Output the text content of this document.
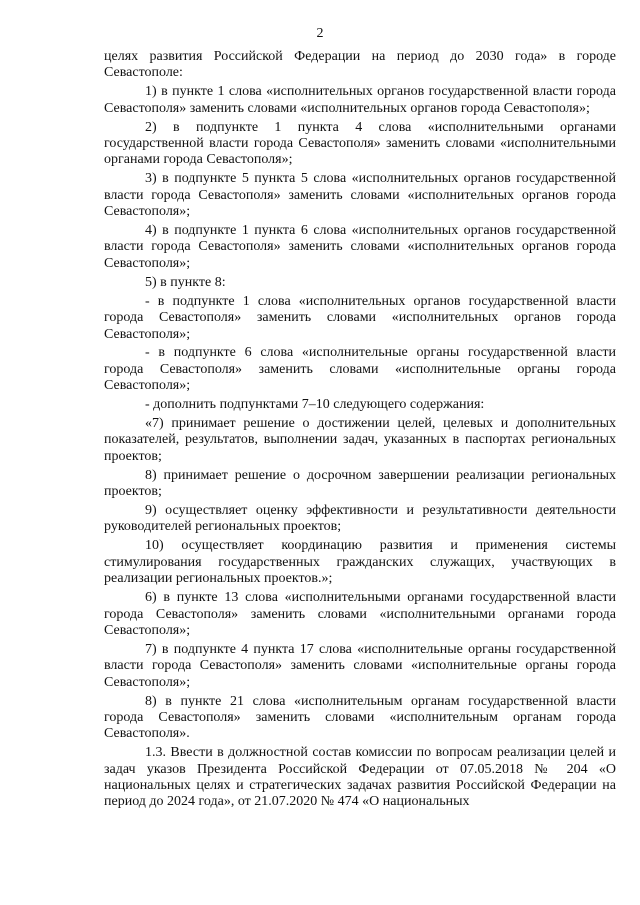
2

целях развития Российской Федерации на период до 2030 года» в городе Севастополе:

1) в пункте 1 слова «исполнительных органов государственной власти города Севастополя» заменить словами «исполнительных органов города Севастополя»;

2) в подпункте 1 пункта 4 слова «исполнительными органами государственной власти города Севастополя» заменить словами «исполнительными органами города Севастополя»;

3) в подпункте 5 пункта 5 слова «исполнительных органов государственной власти города Севастополя» заменить словами «исполнительных органов города Севастополя»;

4) в подпункте 1 пункта 6 слова «исполнительных органов государственной власти города Севастополя» заменить словами «исполнительных органов города Севастополя»;

5) в пункте 8:

- в подпункте 1 слова «исполнительных органов государственной власти города Севастополя» заменить словами «исполнительных органов города Севастополя»;

- в подпункте 6 слова «исполнительные органы государственной власти города Севастополя» заменить словами «исполнительные органы города Севастополя»;

- дополнить подпунктами 7–10 следующего содержания:

«7) принимает решение о достижении целей, целевых и дополнительных показателей, результатов, выполнении задач, указанных в паспортах региональных проектов;

8) принимает решение о досрочном завершении реализации региональных проектов;

9) осуществляет оценку эффективности и результативности деятельности руководителей региональных проектов;

10) осуществляет координацию развития и применения системы стимулирования государственных гражданских служащих, участвующих в реализации региональных проектов.»;

6) в пункте 13 слова «исполнительными органами государственной власти города Севастополя» заменить словами «исполнительными органами города Севастополя»;

7) в подпункте 4 пункта 17 слова «исполнительные органы государственной власти города Севастополя» заменить словами «исполнительные органы города Севастополя»;

8) в пункте 21 слова «исполнительным органам государственной власти города Севастополя» заменить словами «исполнительным органам города Севастополя».

1.3. Ввести в должностной состав комиссии по вопросам реализации целей и задач указов Президента Российской Федерации от 07.05.2018 № 204 «О национальных целях и стратегических задачах развития Российской Федерации на период до 2024 года», от 21.07.2020 № 474 «О национальных
